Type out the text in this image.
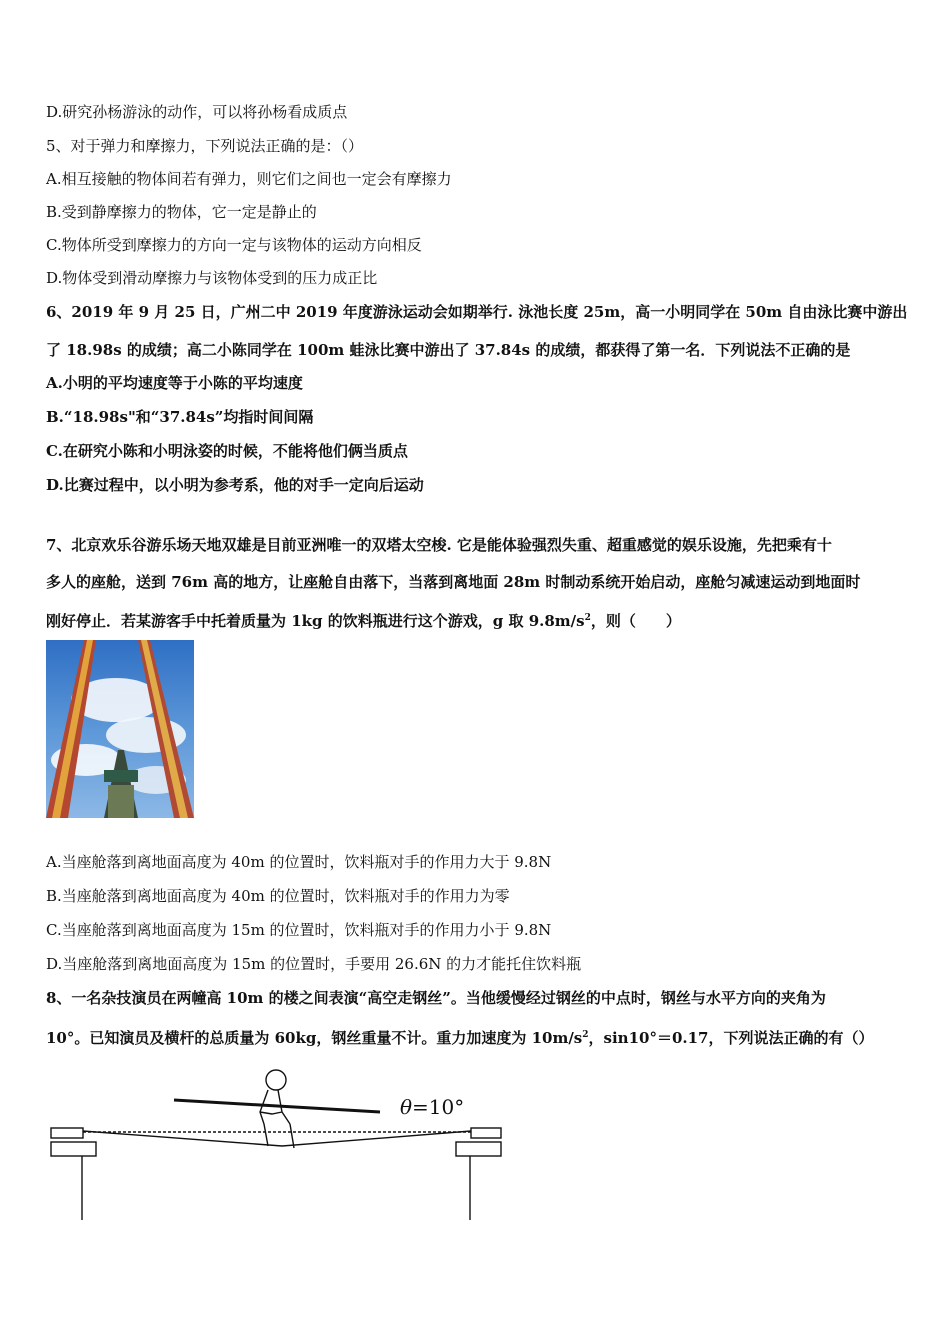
D.研究孙杨游泳的动作，可以将孙杨看成质点
5、对于弹力和摩擦力，下列说法正确的是：（）
A.相互接触的物体间若有弹力，则它们之间也一定会有摩擦力
B.受到静摩擦力的物体，它一定是静止的
C.物体所受到摩擦力的方向一定与该物体的运动方向相反
D.物体受到滑动摩擦力与该物体受到的压力成正比
6、2019 年 9 月 25 日，广州二中 2019 年度游泳运动会如期举行. 泳池长度 25m，高一小明同学在 50m 自由泳比赛中游出
了 18.98s 的成绩；高二小陈同学在 100m 蛙泳比赛中游出了 37.84s 的成绩，都获得了第一名．下列说法不正确的是
A.小明的平均速度等于小陈的平均速度
B.“18.98s"和“37.84s”均指时间间隔
C.在研究小陈和小明泳姿的时候，不能将他们俩当质点
D.比赛过程中，以小明为参考系，他的对手一定向后运动
7、北京欢乐谷游乐场天地双雄是目前亚洲唯一的双塔太空梭. 它是能体验强烈失重、超重感觉的娱乐设施，先把乘有十
多人的座舱，送到 76m 高的地方，让座舱自由落下，当落到离地面 28m 时制动系统开始启动，座舱匀减速运动到地面时
刚好停止．若某游客手中托着质量为 1kg 的饮料瓶进行这个游戏，g 取 $9.8m/s^2$，则（　　）
A.当座舱落到离地面高度为 40m 的位置时，饮料瓶对手的作用力大于 9.8N
B.当座舱落到离地面高度为 40m 的位置时，饮料瓶对手的作用力为零
C.当座舱落到离地面高度为 15m 的位置时，饮料瓶对手的作用力小于 9.8N
D.当座舱落到离地面高度为 15m 的位置时，手要用 26.6N 的力才能托住饮料瓶
8、一名杂技演员在两幢高 10m 的楼之间表演“高空走钢丝”。当他缓慢经过钢丝的中点时，钢丝与水平方向的夹角为
10°。已知演员及横杆的总质量为 60kg，钢丝重量不计。重力加速度为 $10m/s^2$，sin10°＝0.17，下列说法正确的有（）
θ=10°
